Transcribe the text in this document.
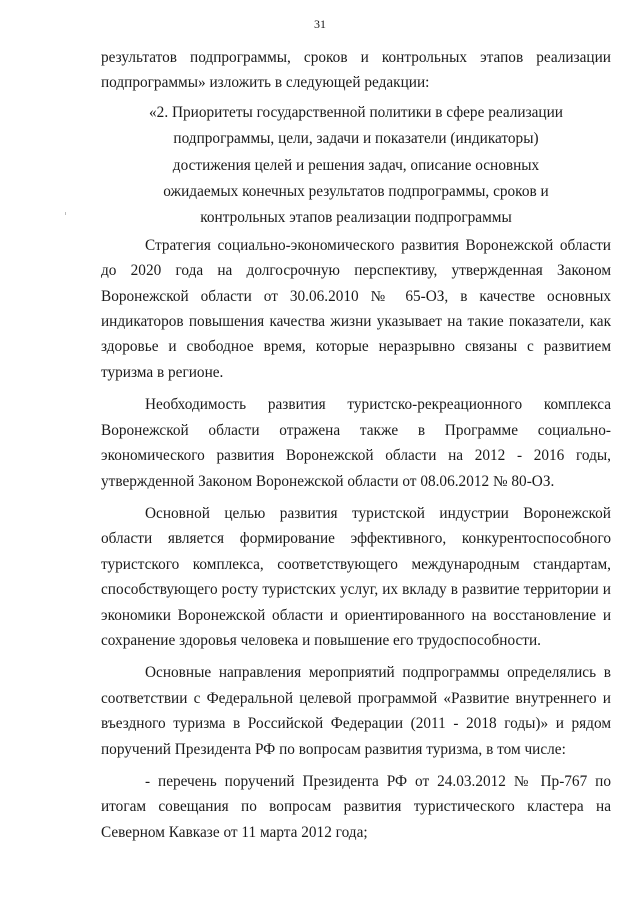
31

результатов подпрограммы, сроков и контрольных этапов реализации подпрограммы» изложить в следующей редакции:

«2. Приоритеты государственной политики в сфере реализации
подпрограммы, цели, задачи и показатели (индикаторы)
достижения целей и решения задач, описание основных
ожидаемых конечных результатов подпрограммы, сроков и
контрольных этапов реализации подпрограммы

Стратегия социально-экономического развития Воронежской области до 2020 года на долгосрочную перспективу, утвержденная Законом Воронежской области от 30.06.2010 № 65-ОЗ, в качестве основных индикаторов повышения качества жизни указывает на такие показатели, как здоровье и свободное время, которые неразрывно связаны с развитием туризма в регионе.

Необходимость развития туристско-рекреационного комплекса Воронежской области отражена также в Программе социально-экономического развития Воронежской области на 2012 - 2016 годы, утвержденной Законом Воронежской области от 08.06.2012 № 80-ОЗ.

Основной целью развития туристской индустрии Воронежской области является формирование эффективного, конкурентоспособного туристского комплекса, соответствующего международным стандартам, способствующего росту туристских услуг, их вкладу в развитие территории и экономики Воронежской области и ориентированного на восстановление и сохранение здоровья человека и повышение его трудоспособности.

Основные направления мероприятий подпрограммы определялись в соответствии с Федеральной целевой программой «Развитие внутреннего и въездного туризма в Российской Федерации (2011 - 2018 годы)» и рядом поручений Президента РФ по вопросам развития туризма, в том числе:

- перечень поручений Президента РФ от 24.03.2012 № Пр-767 по итогам совещания по вопросам развития туристического кластера на Северном Кавказе от 11 марта 2012 года;
